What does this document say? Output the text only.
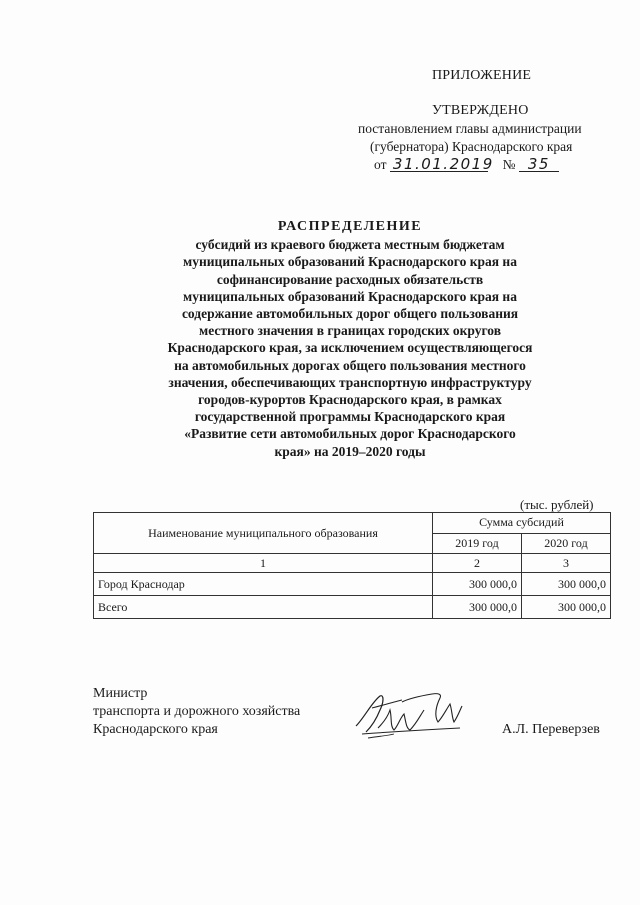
ПРИЛОЖЕНИЕ
УТВЕРЖДЕНО
постановлением главы администрации
(губернатора) Краснодарского края
от 31.01.2019 № 35
РАСПРЕДЕЛЕНИЕ
субсидий из краевого бюджета местным бюджетам
муниципальных образований Краснодарского края на
софинансирование расходных обязательств
муниципальных образований Краснодарского края на
содержание автомобильных дорог общего пользования
местного значения в границах городских округов
Краснодарского края, за исключением осуществляющегося
на автомобильных дорогах общего пользования местного
значения, обеспечивающих транспортную инфраструктуру
городов-курортов Краснодарского края, в рамках
государственной программы Краснодарского края
«Развитие сети автомобильных дорог Краснодарского
края» на 2019–2020 годы
(тыс. рублей)
Наименование муниципального образования	Сумма субсидий	
	2019 год	2020 год
1	2	3
Город Краснодар	300 000,0	300 000,0
Всего	300 000,0	300 000,0
Министр
транспорта и дорожного хозяйства
Краснодарского края	А.Л. Переверзев
